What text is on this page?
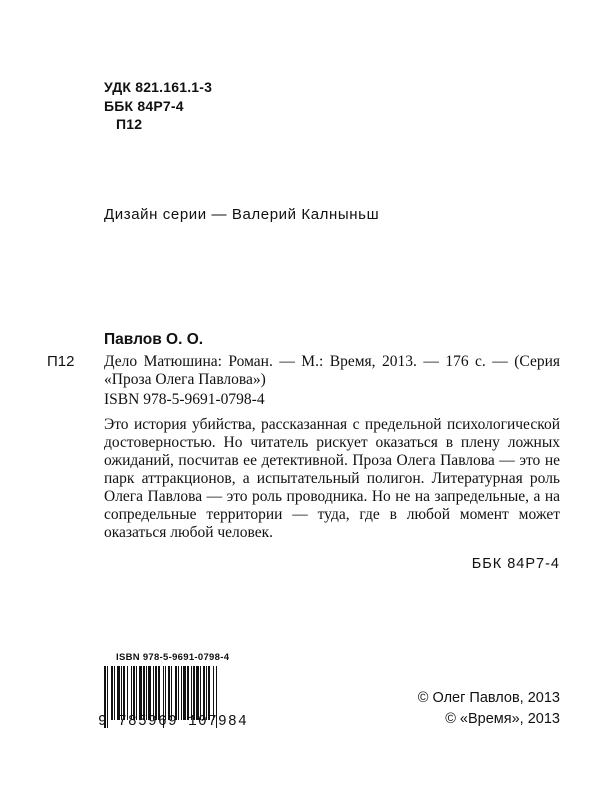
УДК 821.161.1-3
ББК 84Р7-4
П12
Дизайн серии — Валерий Калныньш
Павлов О. О.
П12 Дело Матюшина: Роман. — М.: Время, 2013. — 176 с. — (Серия «Проза Олега Павлова»)
ISBN 978-5-9691-0798-4
Это история убийства, рассказанная с предельной психологической достоверностью. Но читатель рискует оказаться в плену ложных ожиданий, посчитав ее детективной. Проза Олега Павлова — это не парк аттракционов, а испытательный полигон. Литературная роль Олега Павлова — это роль проводника. Но не на запредельные, а на сопредельные территории — туда, где в любой момент может оказаться любой человек.
ББК 84Р7-4
ISBN 978-5-9691-0798-4
9 785969 107984
© Олег Павлов, 2013
© «Время», 2013
